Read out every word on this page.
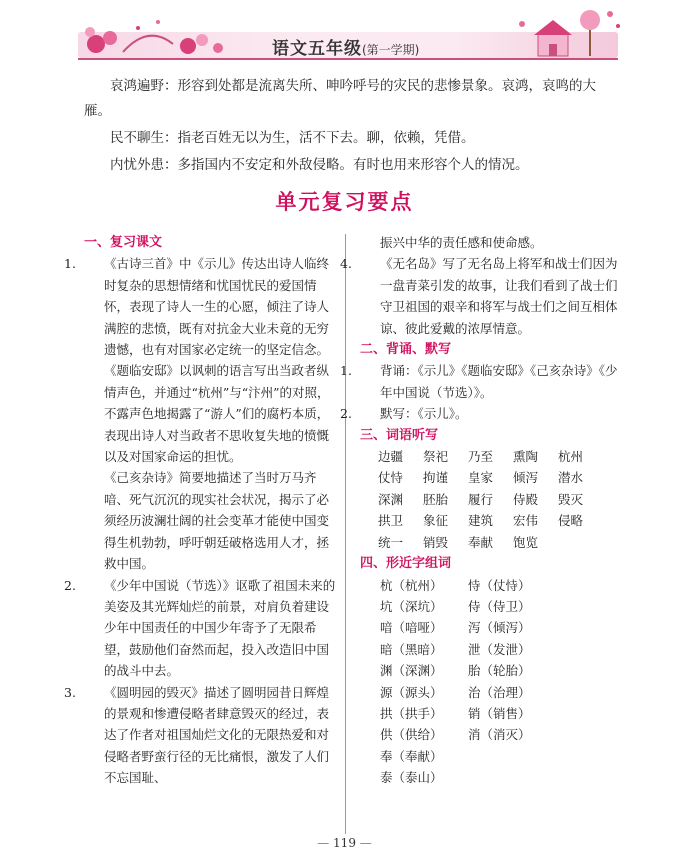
语文五年级(第一学期)

哀鸿遍野：形容到处都是流离失所、呻吟呼号的灾民的悲惨景象。哀鸿，哀鸣的大雁。

民不聊生：指老百姓无以为生，活不下去。聊，依赖，凭借。

内忧外患：多指国内不安定和外敌侵略。有时也用来形容个人的情况。

单元复习要点
一、复习课文
1. 《古诗三首》中《示儿》传达出诗人临终时复杂的思想情绪和忧国忧民的爱国情怀，表现了诗人一生的心愿，倾注了诗人满腔的悲愤，既有对抗金大业未竟的无穷遗憾，也有对国家必定统一的坚定信念。
《题临安邸》以讽刺的语言写出当政者纵情声色，并通过“杭州”与“汴州”的对照，不露声色地揭露了“游人”们的腐朽本质，表现出诗人对当政者不思收复失地的愤慨以及对国家命运的担忧。
《己亥杂诗》简要地描述了当时万马齐喑、死气沉沉的现实社会状况，揭示了必须经历波澜壮阔的社会变革才能使中国变得生机勃勃，呼吁朝廷破格选用人才，拯救中国。
2. 《少年中国说（节选）》讴歌了祖国未来的美姿及其光辉灿烂的前景，对肩负着建设少年中国责任的中国少年寄予了无限希望，鼓励他们奋然而起，投入改造旧中国的战斗中去。
3. 《圆明园的毁灭》描述了圆明园昔日辉煌的景观和惨遭侵略者肆意毁灭的经过，表达了作者对祖国灿烂文化的无限热爱和对侵略者野蛮行径的无比痛恨，激发了人们不忘国耻、
振兴中华的责任感和使命感。
4. 《无名岛》写了无名岛上将军和战士们因为一盘青菜引发的故事，让我们看到了战士们守卫祖国的艰辛和将军与战士们之间互相体谅、彼此爱戴的浓厚情意。
二、背诵、默写
1. 背诵：《示儿》《题临安邸》《己亥杂诗》《少年中国说（节选）》。
2. 默写：《示儿》。
三、词语听写
边疆	祭祀	乃至	熏陶	杭州
仗恃	拘谨	皇家	倾泻	潜水
深渊	胚胎	履行	侍殿	毁灭
拱卫	象征	建筑	宏伟	侵略
统一	销毁	奉献	饱览
四、形近字组词
杭（杭州）	恃（仗恃）
坑（深坑）	侍（侍卫）
喑（喑哑）	泻（倾泻）
暗（黑暗）	泄（发泄）
渊（深渊）	胎（轮胎）
源（源头）	治（治理）
拱（拱手）	销（销售）
供（供给）	消（消灭）
奉（奉献）
泰（泰山）
— 119 —
